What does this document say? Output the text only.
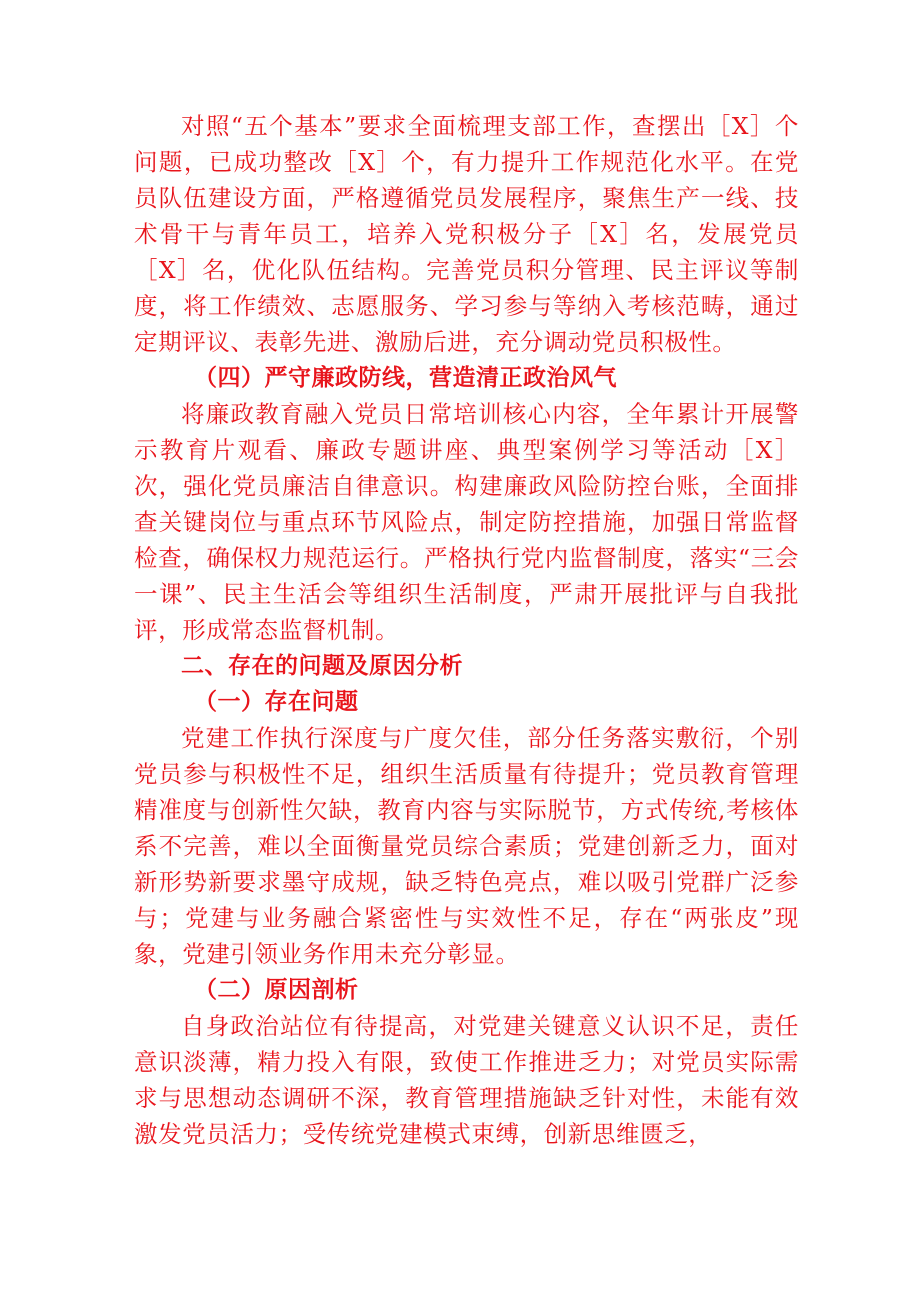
对照“五个基本”要求全面梳理支部工作，查摆出［X］个问题，已成功整改［X］个，有力提升工作规范化水平。在党员队伍建设方面，严格遵循党员发展程序，聚焦生产一线、技术骨干与青年员工，培养入党积极分子［X］名，发展党员［X］名，优化队伍结构。完善党员积分管理、民主评议等制度，将工作绩效、志愿服务、学习参与等纳入考核范畴，通过定期评议、表彰先进、激励后进，充分调动党员积极性。

（四）严守廉政防线，营造清正政治风气

将廉政教育融入党员日常培训核心内容，全年累计开展警示教育片观看、廉政专题讲座、典型案例学习等活动［X］次，强化党员廉洁自律意识。构建廉政风险防控台账，全面排查关键岗位与重点环节风险点，制定防控措施，加强日常监督检查，确保权力规范运行。严格执行党内监督制度，落实“三会一课”、民主生活会等组织生活制度，严肃开展批评与自我批评，形成常态监督机制。

二、存在的问题及原因分析

（一）存在问题

党建工作执行深度与广度欠佳，部分任务落实敷衍，个别党员参与积极性不足，组织生活质量有待提升；党员教育管理精准度与创新性欠缺，教育内容与实际脱节，方式传统,考核体系不完善，难以全面衡量党员综合素质；党建创新乏力，面对新形势新要求墨守成规，缺乏特色亮点，难以吸引党群广泛参与；党建与业务融合紧密性与实效性不足，存在“两张皮”现象，党建引领业务作用未充分彰显。

（二）原因剖析

自身政治站位有待提高，对党建关键意义认识不足，责任意识淡薄，精力投入有限，致使工作推进乏力；对党员实际需求与思想动态调研不深，教育管理措施缺乏针对性，未能有效激发党员活力；受传统党建模式束缚，创新思维匮乏，
